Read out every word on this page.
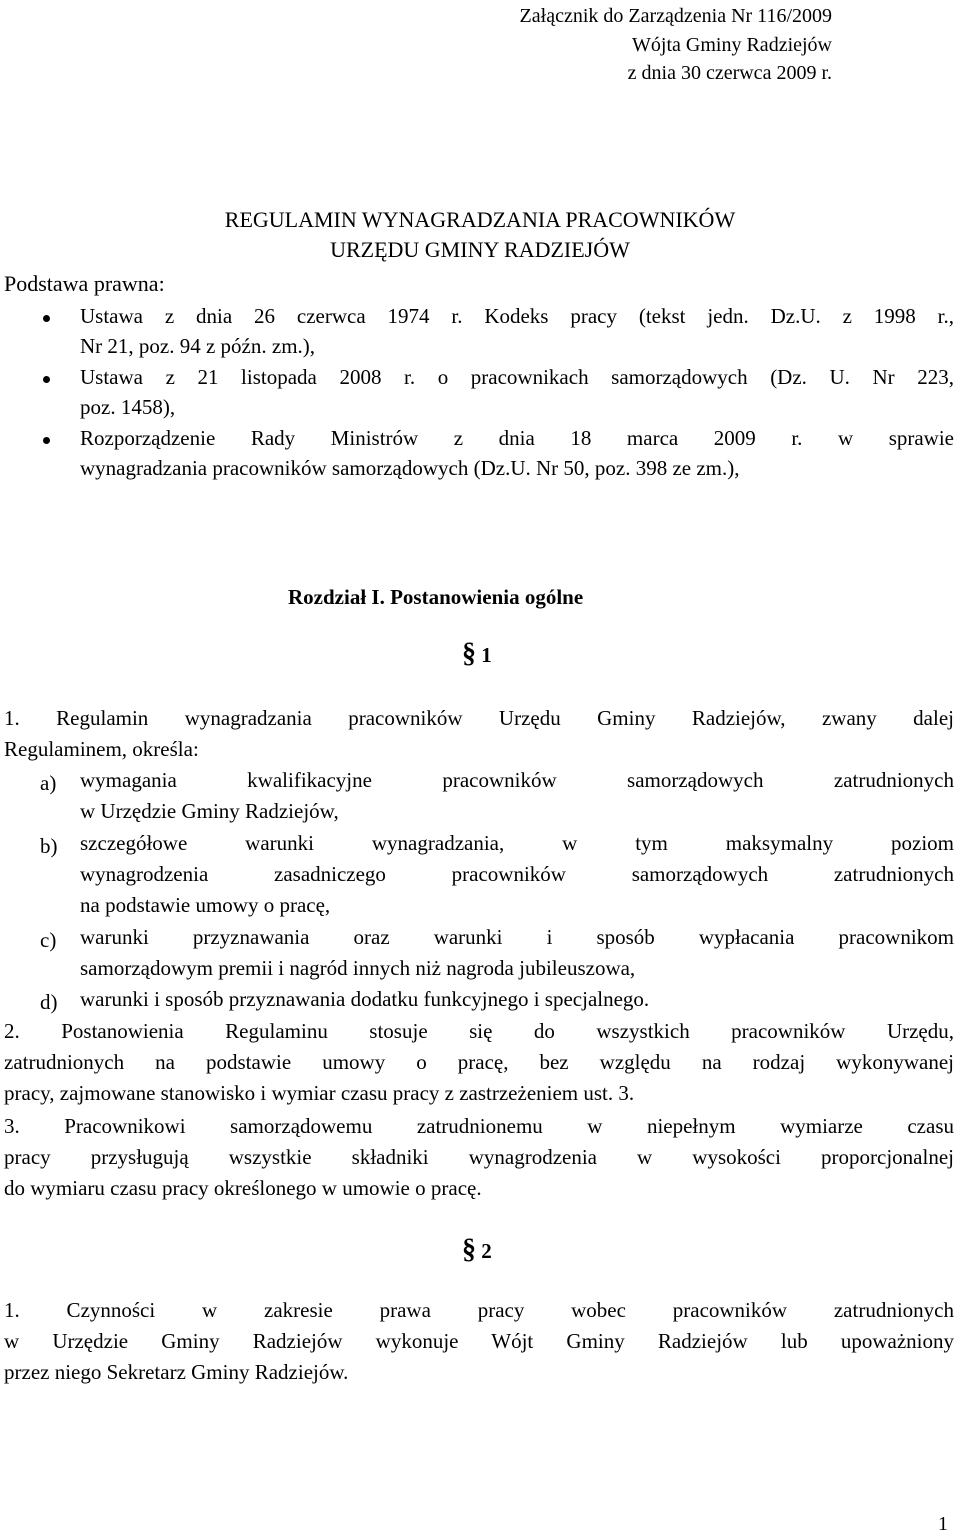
Załącznik do Zarządzenia Nr 116/2009
Wójta Gminy Radziejów
z dnia 30 czerwca 2009 r.
REGULAMIN WYNAGRADZANIA PRACOWNIKÓW
URZĘDU GMINY RADZIEJÓW
Podstawa prawna:
Ustawa z dnia 26 czerwca 1974 r. Kodeks pracy (tekst jedn. Dz.U. z 1998 r.,
Nr 21, poz. 94 z późn. zm.),
Ustawa z 21 listopada 2008 r. o pracownikach samorządowych (Dz. U. Nr 223,
poz. 1458),
Rozporządzenie Rady Ministrów z dnia 18 marca 2009 r. w sprawie
wynagradzania pracowników samorządowych (Dz.U. Nr 50, poz. 398 ze zm.),
Rozdział I. Postanowienia ogólne
§ 1
1. Regulamin wynagradzania pracowników Urzędu Gminy Radziejów, zwany dalej
Regulaminem, określa:
a) wymagania kwalifikacyjne pracowników samorządowych zatrudnionych
w Urzędzie Gminy Radziejów,
b) szczegółowe warunki wynagradzania, w tym maksymalny poziom
wynagrodzenia zasadniczego pracowników samorządowych zatrudnionych
na podstawie umowy o pracę,
c) warunki przyznawania oraz warunki i sposób wypłacania pracownikom
samorządowym premii i nagród innych niż nagroda jubileuszowa,
d) warunki i sposób przyznawania dodatku funkcyjnego i specjalnego.
2. Postanowienia Regulaminu stosuje się do wszystkich pracowników Urzędu,
zatrudnionych na podstawie umowy o pracę, bez względu na rodzaj wykonywanej
pracy, zajmowane stanowisko i wymiar czasu pracy z zastrzeżeniem ust. 3.
3. Pracownikowi samorządowemu zatrudnionemu w niepełnym wymiarze czasu
pracy przysługują wszystkie składniki wynagrodzenia w wysokości proporcjonalnej
do wymiaru czasu pracy określonego w umowie o pracę.
§ 2
1. Czynności w zakresie prawa pracy wobec pracowników zatrudnionych
w Urzędzie Gminy Radziejów wykonuje Wójt Gminy Radziejów lub upoważniony
przez niego Sekretarz Gminy Radziejów.
1
